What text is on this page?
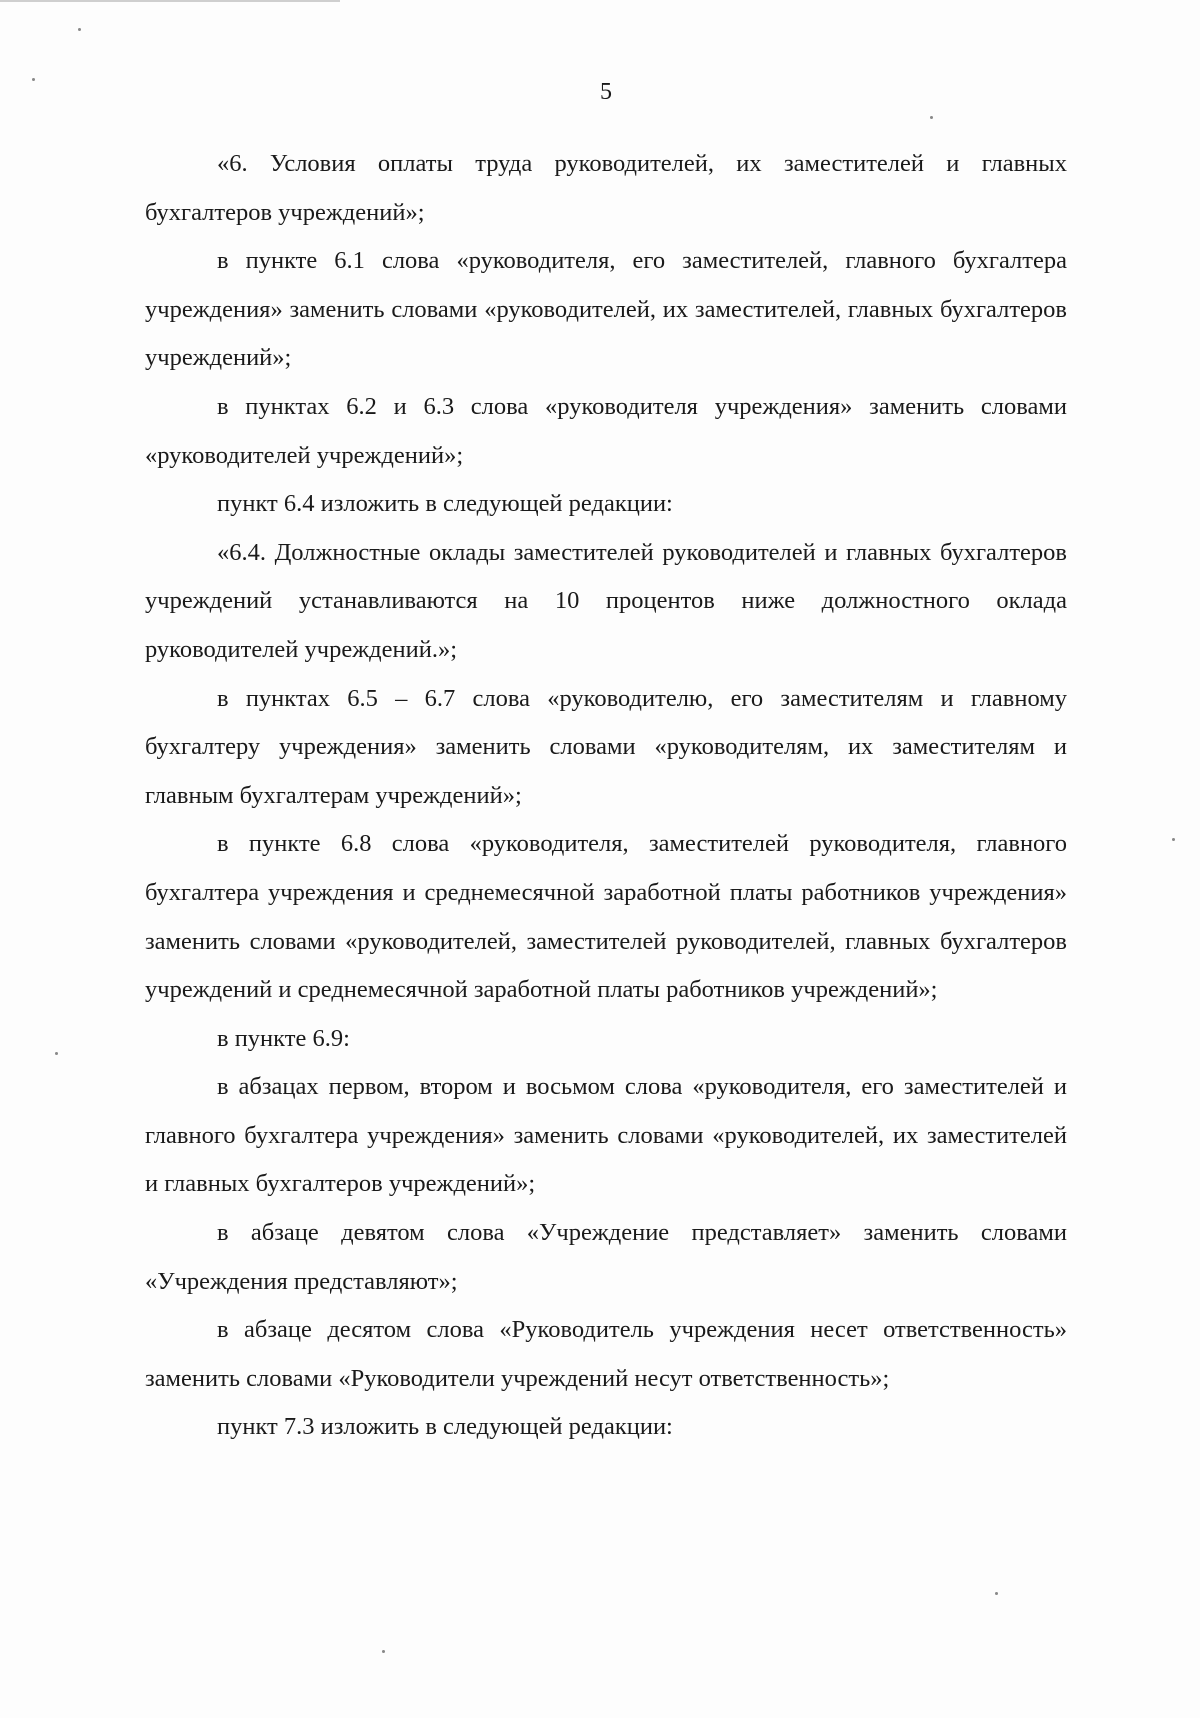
5

«6. Условия оплаты труда руководителей, их заместителей и главных бухгалтеров учреждений»;

в пункте 6.1 слова «руководителя, его заместителей, главного бухгалтера учреждения» заменить словами «руководителей, их заместителей, главных бухгалтеров учреждений»;

в пунктах 6.2 и 6.3 слова «руководителя учреждения» заменить словами «руководителей учреждений»;

пункт 6.4 изложить в следующей редакции:

«6.4. Должностные оклады заместителей руководителей и главных бухгалтеров учреждений устанавливаются на 10 процентов ниже должностного оклада руководителей учреждений.»;

в пунктах 6.5 – 6.7 слова «руководителю, его заместителям и главному бухгалтеру учреждения» заменить словами «руководителям, их заместителям и главным бухгалтерам учреждений»;

в пункте 6.8 слова «руководителя, заместителей руководителя, главного бухгалтера учреждения и среднемесячной заработной платы работников учреждения» заменить словами «руководителей, заместителей руководителей, главных бухгалтеров учреждений и среднемесячной заработной платы работников учреждений»;

в пункте 6.9:

в абзацах первом, втором и восьмом слова «руководителя, его заместителей и главного бухгалтера учреждения» заменить словами «руководителей, их заместителей и главных бухгалтеров учреждений»;

в абзаце девятом слова «Учреждение представляет» заменить словами «Учреждения представляют»;

в абзаце десятом слова «Руководитель учреждения несет ответственность» заменить словами «Руководители учреждений несут ответственность»;

пункт 7.3 изложить в следующей редакции:
